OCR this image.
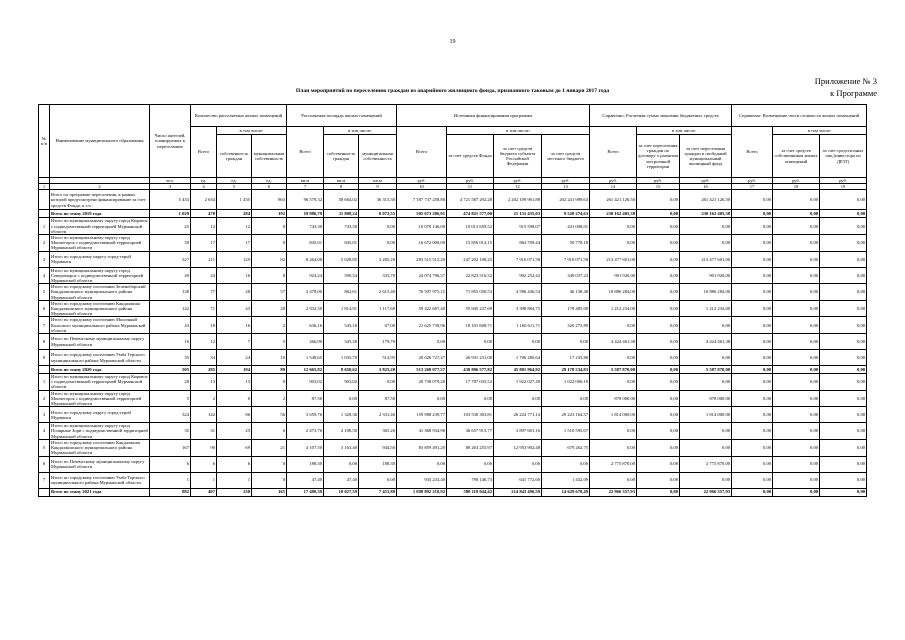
19
Приложение № 3
к Программе
План мероприятий по переселению граждан из аварийного жилищного фонда, признанного таковым до 1 января 2017 года
№ п/п	Наименование муниципального образования	Число жителей, планируемых к переселению	Количество расселяемых жилых помещений			Расселяемая площадь жилых помещений			Источники финансирования программы				Справочно: Расчетная сумма экономии бюджетных средств			Справочно: Возмещение части стоимости жилых помещений		
			Всего	в том числе:		Всего	в том числе:		Всего	в том числе:			Всего	в том числе:		Всего	в том числе:	
				собственность граждан	муниципальная собственность		собственность граждан	муниципальная собственность		за счет средств Фонда	за счет средств бюджета субъекта Российской Федерации	за счет средств местного бюджета		за счет переселения граждан по договору о развитии застроенной территории	за счет переселения граждан в свободный муниципальный жилищный фонд		за счет средств собственников жилых помещений	за счет средств иных лиц (инвестора по ДРЗТ)
		чел.	ед.	ед.	ед.	кв.м	кв.м	кв.м	руб.	руб.	руб.	руб.	руб.	руб.	руб.	руб.	руб.	руб.
1	2	3	4	5	6	7	8	9	10	11	12	13	14	15	16	17	18	19
	Всего по программе переселения, в рамках которой предусмотрено финансирование за счет средств Фонда, в т.ч.:	5 433	2 634	1 435	863	96 579,32	58 664,02	36 315,30	7 187 737 258,80	4 721 587 292,28	2 202 109 961,88	202 241 989,63	261 421 126,50	0,00	261 421 126,50	0,00	0,00	0,00
	Всего по этапу 2019 года	1 029	470	284	192	19 986,79	11 808,24	8 072,55	505 673 286,91	474 821 577,00	21 131 435,03	9 520 274,63	230 162 405,38	0,00	230 162 405,38	0,00	0,00	0,00
1	Итого по муниципальному округу город Кировск с подведомственной территорией Мурманской области	25	12	12	0	743,30	743,30	0,00	10 070 146,00	19 013 659,52	915 598,07	441 008,01	0,00	0,00	0,00	0,00	0,00	0,00
2	Итого по муниципальному округу город Мончегорск с подведомственной территорией Мурманской области	39	17	17	0	845,01	845,01	0,00	16 672 000,00	15 856 012,15	864 709,44	50 778,18	0,00	0,00	0,00	0,00	0,00	0,00
3	Итого по городскому округу город-герой Мурманск	527	211	129	82	8 264,08	5 028,85	3 285,20	283 515 515,20	247 202 108,25	7 916 071,58	7 916 071,58	213 477 601,00	0,00	213 477 601,00	0,00	0,00	0,00
4	Итого по муниципальному округу город Североморск с подведомственной территорией Мурманской области	49	24	16	8	924,24	590,54	333,70	24 074 796,57	22 823 516,52	902 252,42	349 037,23	901 920,00	0,00	901 920,00	0,00	0,00	0,00
5	Итого по городскому поселению Зеленоборский Кандалакшского муниципального района Мурманской области	138	77	28	57	3 478,00	862,61	2 615,40	76 507 975,15	71 855 030,53	4 586 436,54	46 138,48	10 886 284,00	0,00	10 886 284,00	0,00	0,00	0,00
6	Итого по городскому поселению Кандалакша Кандалакшского муниципального района Мурманской области	142	71	43	28	2 932,50	1 814,91	1 117,60	59 422 607,40	55 845 237,69	3 398 884,75	178 485,00	1 212 234,00	0,00	1 212 234,00	0,00	0,00	0,00
7	Итого по городскому поселению Молочный Кольского муниципального района Мурманской области	43	18	16	2	636,16	543,16	67,00	21 625 739,96	18 101 608,71	1 160 611,71	320 275,89	0,00	0,00	0,00	0,00	0,00	0,00
8	Итого по Печенгскому муниципальному округу Мурманской области	16	12	7	5	266,90	345,30	179,70	0,00	0,00	0,00	0,00	4 424 461,38	0,00	4 424 461,38	0,00	0,00	0,00
9	Итого по городскому поселению Умба Терского муниципального района Мурманской области	35	34	24	10	1 548,65	1 035,70	512,95	20 026 727,47	26 931 231,00	1 706 280,64	17 235,80	0,00	0,00	0,00	0,00	0,00	0,00
	Всего по этапу 2020 года	505	285	194	89	12 665,82	8 650,62	3 825,20	513 268 077,57	430 806 577,82	45 801 964,92	29 178 534,83	5 587 870,00	0,00	5 587 870,00	0,00	0,00	0,00
1	Итого по муниципальному округу город Кировск с подведомственной территорией Мурманской области	28	13	13	0	903,02	903,02	0,00	20 738 079,20	17 787 035,52	1 922 027,49	1 022 006,19	0,00	0,00	0,00	0,00	0,00	0,00
2	Итого по муниципальному округу город Мончегорск с подведомственной территорией Мурманской области	5	2	0	2	87,50	0,00	87,50	0,00	0,00	0,00	0,00	878 000,00	0,00	878 000,00	0,00	0,00	0,00
3	Итого по городскому округу город-герой Мурманск	324	142	86	56	3 659,76	1 328,36	2 331,40	159 988 239,77	103 530 303,81	26 224 771,14	29 223 164,37	1 814 000,00	0,00	1 814 000,00	0,00	0,00	0,00
4	Итого по муниципальному округу город Полярные Зори с подведомственной территорией Мурманской области	35	31	25	6	2 473,76	2 108,50	365,26	41 368 934,96	36 657 913,77	3 897 601,16	1 510 595,67	0,00	0,00	0,00	0,00	0,00	0,00
5	Итого по городскому поселению Кандалакша Кандалакшского муниципального района Мурманской области	167	90	69	21	4 107,50	3 163,40	944,50	83 859 491,20	80 263 255,97	12 953 902,48	679 262,75	0,00	0,00	0,00	0,00	0,00	0,00
6	Итого по Печенгскому муниципальному округу Мурманской области	6	6	6	0	188,30	0,00	188,30	0,00	0,00	0,00	0,00	2 775 870,00	0,00	2 775 870,00	0,00	0,00	0,00
7	Итого по городскому поселению Умба Терского муниципального района Мурманской области	1	1	1	0	47,40	47,40	0,00	933 233,40	790 146,73	641 772,60	1 432,09	0,00	0,00	0,00	0,00	0,00	0,00
	Всего по этапу 2021 года	882	407	230	165	17 480,39	10 027,59	7 453,80	1 698 892 210,92	580 119 044,42	214 843 496,59	14 629 670,49	22 966 357,93	0,00	22 966 357,93	0,00	0,00	0,00
